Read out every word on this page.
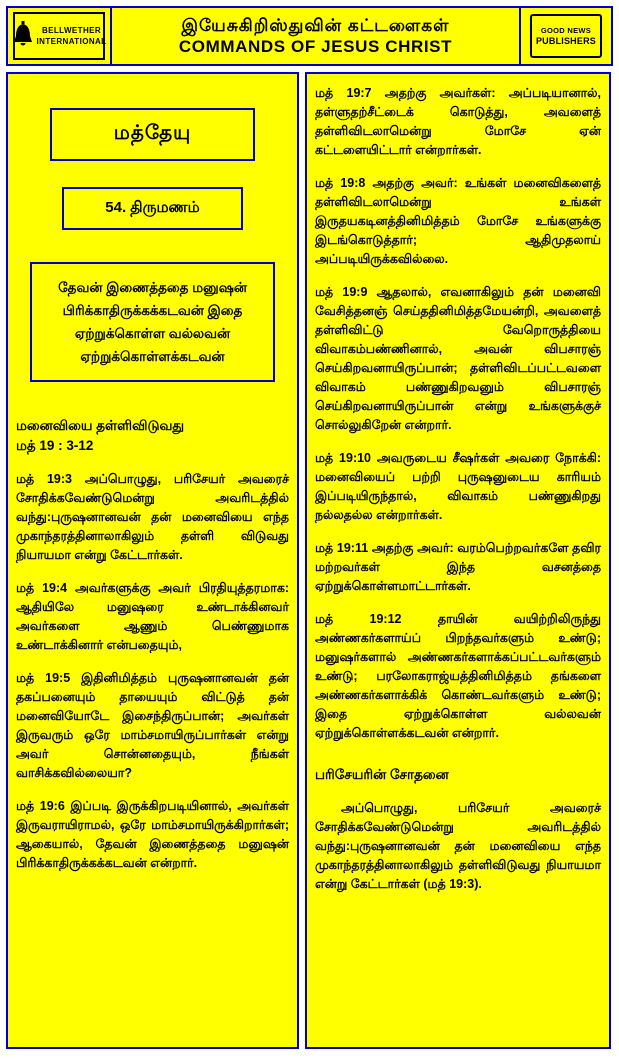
BELLWETHER
INTERNATIONAL
இயேசுகிறிஸ்துவின் கட்டளைகள்
COMMANDS OF JESUS CHRIST
GOOD NEWS
PUBLISHERS
மத்தேயு
54. திருமணம்
தேவன் இணைத்ததை மனுஷன் பிரிக்காதிருக்கக்கடவன் இதை ஏற்றுக்கொள்ள வல்லவன் ஏற்றுக்கொள்ளக்கடவன்
மனைவியை தள்ளிவிடுவது
மத் 19 : 3-12
மத் 19:3 அப்பொழுது, பரிசேயர் அவரைச் சோதிக்கவேண்டுமென்று அவரிடத்தில் வந்து:புருஷனானவன் தன் மனைவியை எந்த முகாந்தரத்தினாலாகிலும் தள்ளி விடுவது நியாயமா என்று கேட்டார்கள்.
மத் 19:4 அவர்களுக்கு அவர் பிரதியுத்தரமாக: ஆதியிலே மனுஷரை உண்டாக்கினவர் அவர்களை ஆணும் பெண்ணுமாக உண்டாக்கினார் என்பதையும்,
மத் 19:5 இதினிமித்தம் புருஷனானவன் தன் தகப்பனையும் தாயையும் விட்டுத் தன் மனைவியோடே இசைந்திருப்பான்; அவர்கள் இருவரும் ஒரே மாம்சமாயிருப்பார்கள் என்று அவர் சொன்னதையும், நீங்கள் வாசிக்கவில்லையா?
மத் 19:6 இப்படி இருக்கிறபடியினால், அவர்கள் இருவராயிராமல், ஒரே மாம்சமாயிருக்கிறார்கள்; ஆகையால், தேவன் இணைத்ததை மனுஷன் பிரிக்காதிருக்கக்கடவன் என்றார்.
மத் 19:7 அதற்கு அவர்கள்: அப்படியானால், தள்ளுதற்சீட்டைக் கொடுத்து, அவளைத் தள்ளிவிடலாமென்று மோசே ஏன் கட்டளையிட்டார் என்றார்கள்.
மத் 19:8 அதற்கு அவர்: உங்கள் மனைவிகளைத் தள்ளிவிடலாமென்று உங்கள் இருதயகடினத்தினிமித்தம் மோசே உங்களுக்கு இடங்கொடுத்தார்; ஆதிமுதலாய் அப்படியிருக்கவில்லை.
மத் 19:9 ஆதலால், எவனாகிலும் தன் மனைவி வேசித்தனஞ் செய்ததினிமித்தமேயன்றி, அவளைத் தள்ளிவிட்டு வேறொருத்தியை விவாகம்பண்ணினால், அவன் விபசாரஞ் செய்கிறவனாயிருப்பான்; தள்ளிவிடப்பட்டவளை விவாகம் பண்ணுகிறவனும் விபசாரஞ் செய்கிறவனாயிருப்பான் என்று உங்களுக்குச் சொல்லுகிறேன் என்றார்.
மத் 19:10 அவருடைய சீஷர்கள் அவரை நோக்கி: மனைவியைப் பற்றி புருஷனுடைய காரியம் இப்படியிருந்தால், விவாகம் பண்ணுகிறது நல்லதல்ல என்றார்கள்.
மத் 19:11 அதற்கு அவர்: வரம்பெற்றவர்களே தவிர மற்றவர்கள் இந்த வசனத்தை ஏற்றுக்கொள்ளமாட்டார்கள்.
மத் 19:12 தாயின் வயிற்றிலிருந்து அண்ணகர்களாய்ப் பிறந்தவர்களும் உண்டு; மனுஷர்களால் அண்ணகர்களாக்கப்பட்டவர்களும் உண்டு; பரலோகராஜ்யத்தினிமித்தம் தங்களை அண்ணகர்களாக்கிக் கொண்டவர்களும் உண்டு; இதை ஏற்றுக்கொள்ள வல்லவன் ஏற்றுக்கொள்ளக்கடவன் என்றார்.
பரிசேயரின் சோதனை
அப்பொழுது, பரிசேயர் அவரைச் சோதிக்கவேண்டுமென்று அவரிடத்தில் வந்து:புருஷனானவன் தன் மனைவியை எந்த முகாந்தரத்தினாலாகிலும் தள்ளிவிடுவது நியாயமா என்று கேட்டார்கள் (மத் 19:3).
